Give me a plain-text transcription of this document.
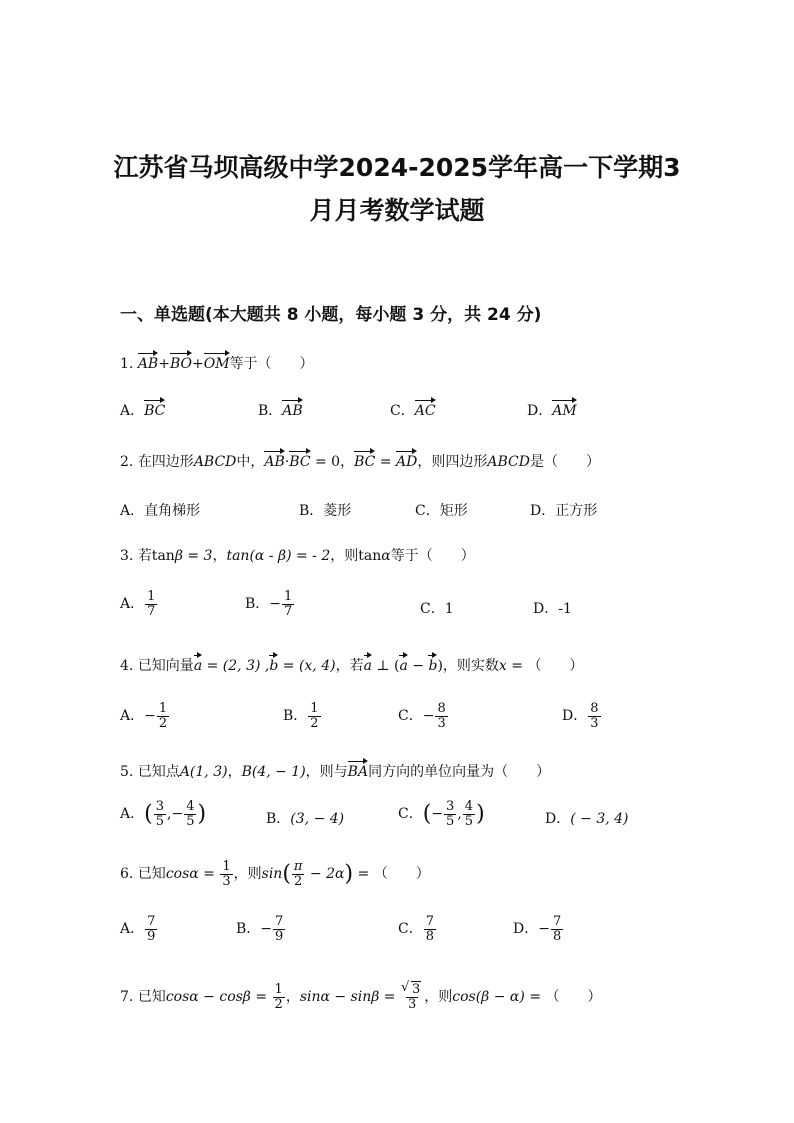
江苏省马坝高级中学2024-2025学年高一下学期3
月月考数学试题
一、单选题(本大题共 8 小题，每小题 3 分，共 24 分)
1. AB+BO+OM等于（　　）
A．BC	B．AB	C．AC	D．AM
2. 在四边形ABCD中，AB·BC = 0，BC = AD，则四边形ABCD是（　　）
A．直角梯形	B．菱形	C．矩形	D．正方形
3. 若tanβ = 3，tan(α - β) = - 2，则tanα等于（　　）
A． $\frac{1}{7}$	B．− $\frac{1}{7}$	C．1	D．-1
4. 已知向量a = (2, 3) ,b = (x, 4)，若a ⊥ (a − b)，则实数x = （　　）
A．− $\frac{1}{2}$	B． $\frac{1}{2}$	C．− $\frac{8}{3}$	D． $\frac{8}{3}$
5. 已知点A(1, 3)，B(4, − 1)，则与BA同方向的单位向量为（　　）
A．( $\frac{3}{5}$ ,− $\frac{4}{5}$ )	B．(3, − 4)	C．(− $\frac{3}{5}$ , $\frac{4}{5}$ )	D．( − 3, 4)
6. 已知$\cos\alpha = \frac{1}{3}$ ，则$\sin( \frac{\pi}{2} - 2\alpha)$ = （　　）
A． $\frac{7}{9}$	B．− $\frac{7}{9}$	C． $\frac{7}{8}$	D．− $\frac{7}{8}$
7. 已知$\cos\alpha - \cos\beta = \frac{1}{2}$ ，sinα − sinβ =
√ $\frac{3}{3}$ ，则cos(β − α) = （　　）
